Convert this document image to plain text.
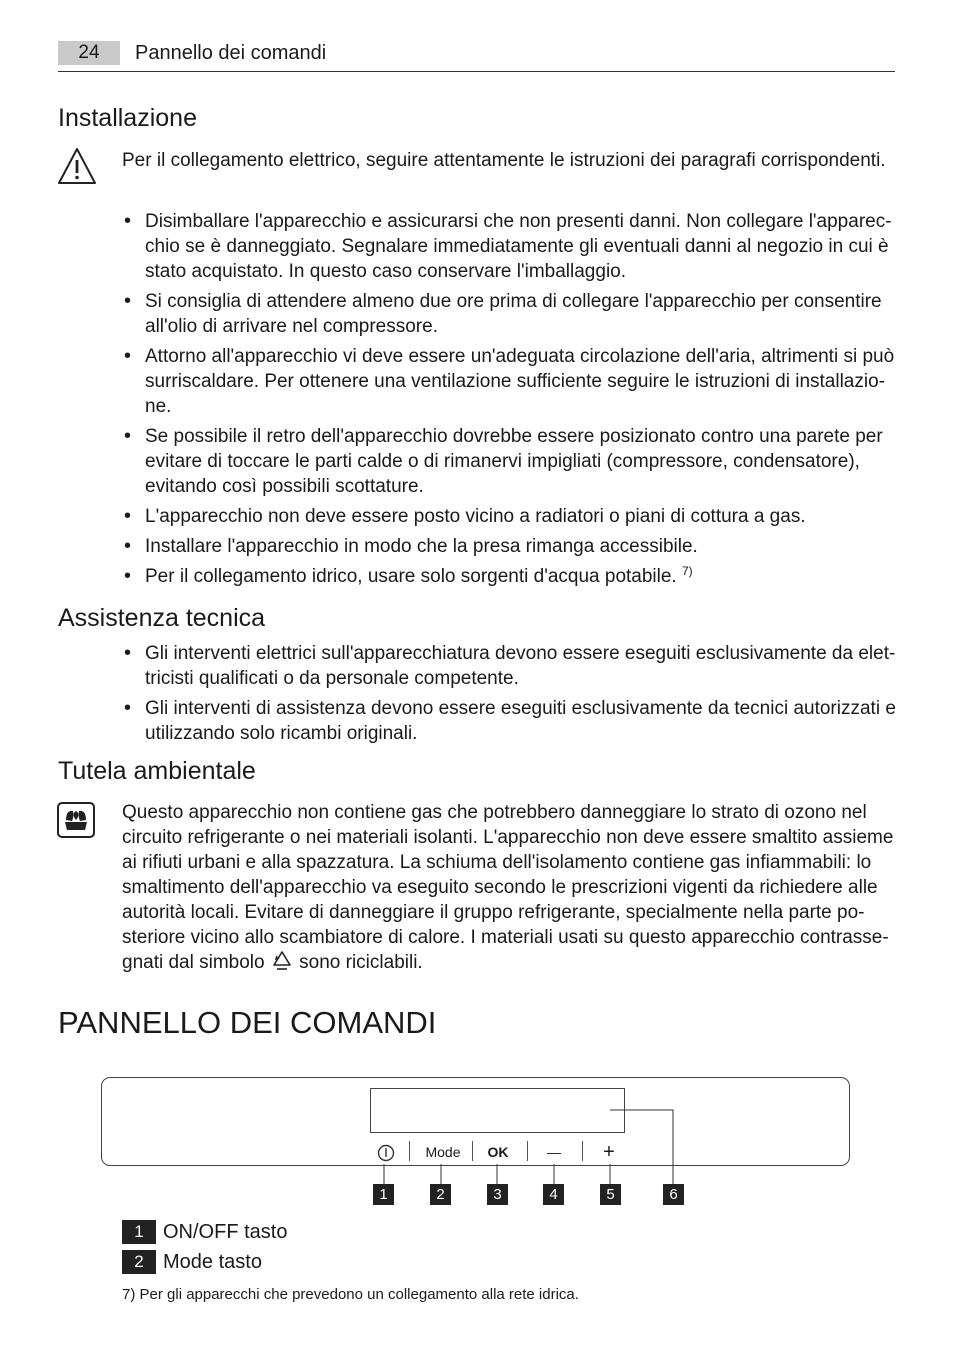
24	Pannello dei comandi
Installazione

Per il collegamento elettrico, seguire attentamente le istruzioni dei paragrafi corrispondenti.

• Disimballare l'apparecchio e assicurarsi che non presenti danni. Non collegare l'apparec- chio se è danneggiato. Segnalare immediatamente gli eventuali danni al negozio in cui è stato acquistato. In questo caso conservare l'imballaggio.
• Si consiglia di attendere almeno due ore prima di collegare l'apparecchio per consentire all'olio di arrivare nel compressore.
• Attorno all'apparecchio vi deve essere un'adeguata circolazione dell'aria, altrimenti si può surriscaldare. Per ottenere una ventilazione sufficiente seguire le istruzioni di installazio- ne.
• Se possibile il retro dell'apparecchio dovrebbe essere posizionato contro una parete per evitare di toccare le parti calde o di rimanervi impigliati (compressore, condensatore), evitando così possibili scottature.
• L'apparecchio non deve essere posto vicino a radiatori o piani di cottura a gas.
• Installare l'apparecchio in modo che la presa rimanga accessibile.
• Per il collegamento idrico, usare solo sorgenti d'acqua potabile. $^{7)}$
Assistenza tecnica
• Gli interventi elettrici sull'apparecchiatura devono essere eseguiti esclusivamente da elet- tricisti qualificati o da personale competente.
• Gli interventi di assistenza devono essere eseguiti esclusivamente da tecnici autorizzati e utilizzando solo ricambi originali.
Tutela ambientale

Questo apparecchio non contiene gas che potrebbero danneggiare lo strato di ozono nel circuito refrigerante o nei materiali isolanti. L'apparecchio non deve essere smaltito assieme ai rifiuti urbani e alla spazzatura. La schiuma dell'isolamento contiene gas infiammabili: lo smaltimento dell'apparecchio va eseguito secondo le prescrizioni vigenti da richiedere alle autorità locali. Evitare di danneggiare il gruppo refrigerante, specialmente nella parte po- steriore vicino allo scambiatore di calore. I materiali usati su questo apparecchio contrasse- gnati dal simbolo sono riciclabili.

PANNELLO DEI COMANDI
Mode	OK	—	+
1	2	3	4	5	6
1 ON/OFF tasto
2 Mode tasto
7) Per gli apparecchi che prevedono un collegamento alla rete idrica.
